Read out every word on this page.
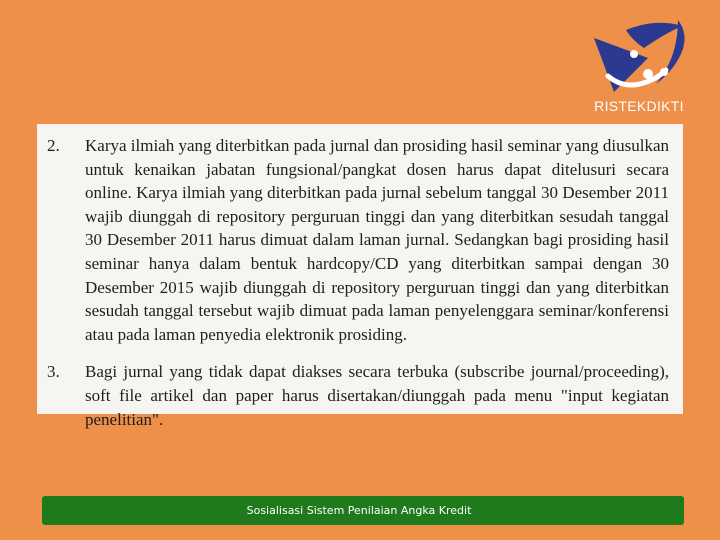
RISTEKDIKTI
2.	Karya ilmiah yang diterbitkan pada jurnal dan prosiding hasil seminar yang diusulkan untuk kenaikan jabatan fungsional/pangkat dosen harus dapat ditelusuri secara online. Karya ilmiah yang diterbitkan pada jurnal sebelum tanggal 30 Desember 2011 wajib diunggah di repository perguruan tinggi dan yang diterbitkan sesudah tanggal 30 Desember 2011 harus dimuat dalam laman jurnal. Sedangkan bagi prosiding hasil seminar hanya dalam bentuk hardcopy/CD yang diterbitkan sampai dengan 30 Desember 2015 wajib diunggah di repository perguruan tinggi dan yang diterbitkan sesudah tanggal tersebut wajib dimuat pada laman penyelenggara seminar/konferensi atau pada laman penyedia elektronik prosiding.
3.	Bagi jurnal yang tidak dapat diakses secara terbuka (subscribe journal/proceeding), soft file artikel dan paper harus disertakan/diunggah pada menu "input kegiatan penelitian".
Sosialisasi Sistem Penilaian Angka Kredit
